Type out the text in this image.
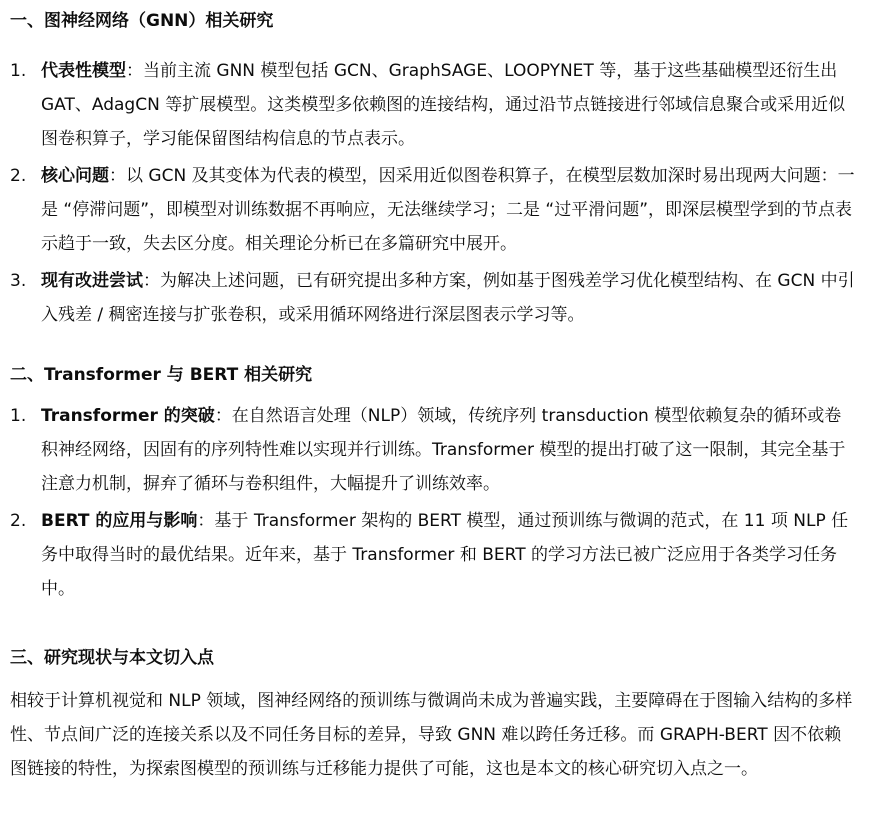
一、图神经网络（GNN）相关研究
1. 代表性模型：当前主流 GNN 模型包括 GCN、GraphSAGE、LOOPYNET 等，基于这些基础模型还衍生出 GAT、AdagCN 等扩展模型。这类模型多依赖图的连接结构，通过沿节点链接进行邻域信息聚合或采用近似图卷积算子，学习能保留图结构信息的节点表示。
2. 核心问题：以 GCN 及其变体为代表的模型，因采用近似图卷积算子，在模型层数加深时易出现两大问题：一是 “停滞问题”，即模型对训练数据不再响应，无法继续学习；二是 “过平滑问题”，即深层模型学到的节点表示趋于一致，失去区分度。相关理论分析已在多篇研究中展开。
3. 现有改进尝试：为解决上述问题，已有研究提出多种方案，例如基于图残差学习优化模型结构、在 GCN 中引入残差 / 稠密连接与扩张卷积，或采用循环网络进行深层图表示学习等。
二、Transformer 与 BERT 相关研究
1. Transformer 的突破：在自然语言处理（NLP）领域，传统序列 transduction 模型依赖复杂的循环或卷积神经网络，因固有的序列特性难以实现并行训练。Transformer 模型的提出打破了这一限制，其完全基于注意力机制，摒弃了循环与卷积组件，大幅提升了训练效率。
2. BERT 的应用与影响：基于 Transformer 架构的 BERT 模型，通过预训练与微调的范式，在 11 项 NLP 任务中取得当时的最优结果。近年来，基于 Transformer 和 BERT 的学习方法已被广泛应用于各类学习任务中。
三、研究现状与本文切入点

相较于计算机视觉和 NLP 领域，图神经网络的预训练与微调尚未成为普遍实践，主要障碍在于图输入结构的多样性、节点间广泛的连接关系以及不同任务目标的差异，导致 GNN 难以跨任务迁移。而 GRAPH-BERT 因不依赖图链接的特性，为探索图模型的预训练与迁移能力提供了可能，这也是本文的核心研究切入点之一。
